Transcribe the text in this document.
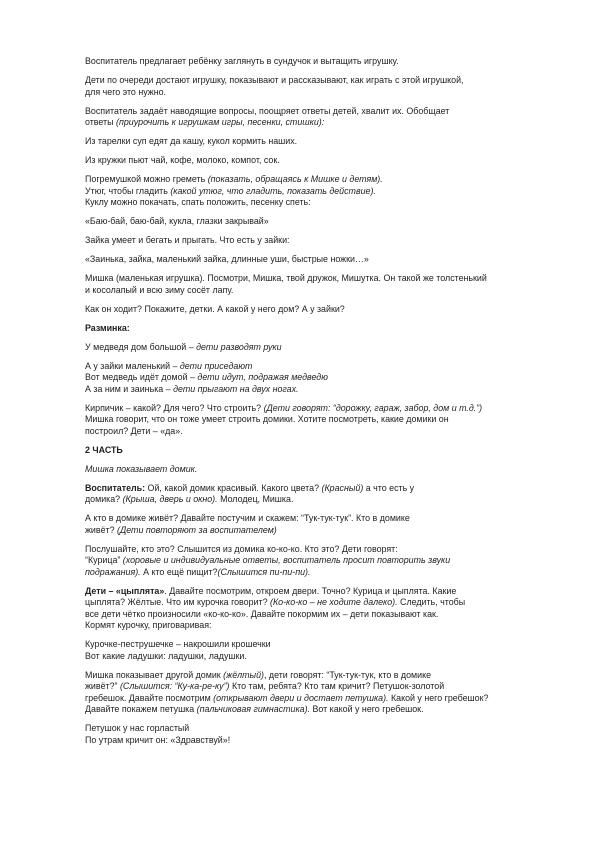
Воспитатель предлагает ребёнку заглянуть в сундучок и вытащить игрушку.
Дети по очереди достают игрушку, показывают и рассказывают, как играть с этой игрушкой,
для чего это нужно.
Воспитатель задаёт наводящие вопросы, поощряет ответы детей, хвалит их. Обобщает
ответы (приурочить к игрушкам игры, песенки, стишки):
Из тарелки суп едят да кашу, кукол кормить наших.
Из кружки пьют чай, кофе, молоко, компот, сок.
Погремушкой можно греметь (показать, обращаясь к Мишке и детям).
Утюг, чтобы гладить (какой утюг, что гладить, показать действие).
Куклу можно покачать, спать положить, песенку спеть:
«Баю-бай, баю-бай, кукла, глазки закрывай»
Зайка умеет и бегать и прыгать. Что есть у зайки:
«Заинька, зайка, маленький зайка, длинные уши, быстрые ножки…»
Мишка (маленькая игрушка). Посмотри, Мишка, твой дружок, Мишутка. Он такой же толстенький
и косолапый и всю зиму сосёт лапу.
Как он ходит? Покажите, детки. А какой у него дом? А у зайки?
Разминка:
У медведя дом большой – дети разводят руки
А у зайки маленький – дети приседают
Вот медведь идёт домой – дети идут, подражая медведю
А за ним и заинька – дети прыгают на двух ногах.
Кирпичик – какой? Для чего? Что строить? (Дети говорят: “дорожку, гараж, забор, дом и т.д.”)
Мишка говорит, что он тоже умеет строить домики. Хотите посмотреть, какие домики он
построил? Дети – «да».
2 ЧАСТЬ
Мишка показывает домик.
Воспитатель: Ой, какой домик красивый. Какого цвета? (Красный) а что есть у
домика? (Крыша, дверь и окно). Молодец, Мишка.
А кто в домике живёт? Давайте постучим и скажем: “Тук-тук-тук”. Кто в домике
живёт? (Дети повторяют за воспитателем)
Послушайте, кто это? Слышится из домика ко-ко-ко. Кто это? Дети говорят:
“Курица” (хоровые и индивидуальные ответы, воспитатель просит повторить звуки
подражания). А кто ещё пищит?(Слышится пи-пи-пи).
Дети – «цыплята». Давайте посмотрим, откроем двери. Точно? Курица и цыплята. Какие
цыплята? Жёлтые. Что им курочка говорит? (Ко-ко-ко – не ходите далеко). Следить, чтобы
все дети чётко произносили «ко-ко-ко». Давайте покормим их – дети показывают как.
Кормят курочку, приговаривая:
Курочке-пеструшечке – накрошили крошечки
Вот какие ладушки: ладушки, ладушки.
Мишка показывает другой домик (жёлтый), дети говорят: “Тук-тук-тук, кто в домике
живёт?” (Слышится: “Ку-ка-ре-ку”) Кто там, ребята? Кто там кричит? Петушок-золотой
гребешок. Давайте посмотрим (открывают двери и достает петушка). Какой у него гребешок?
Давайте покажем петушка (пальчиковая гимнастика). Вот какой у него гребешок.
Петушок у нас горластый
По утрам кричит он: «Здравствуй»!
